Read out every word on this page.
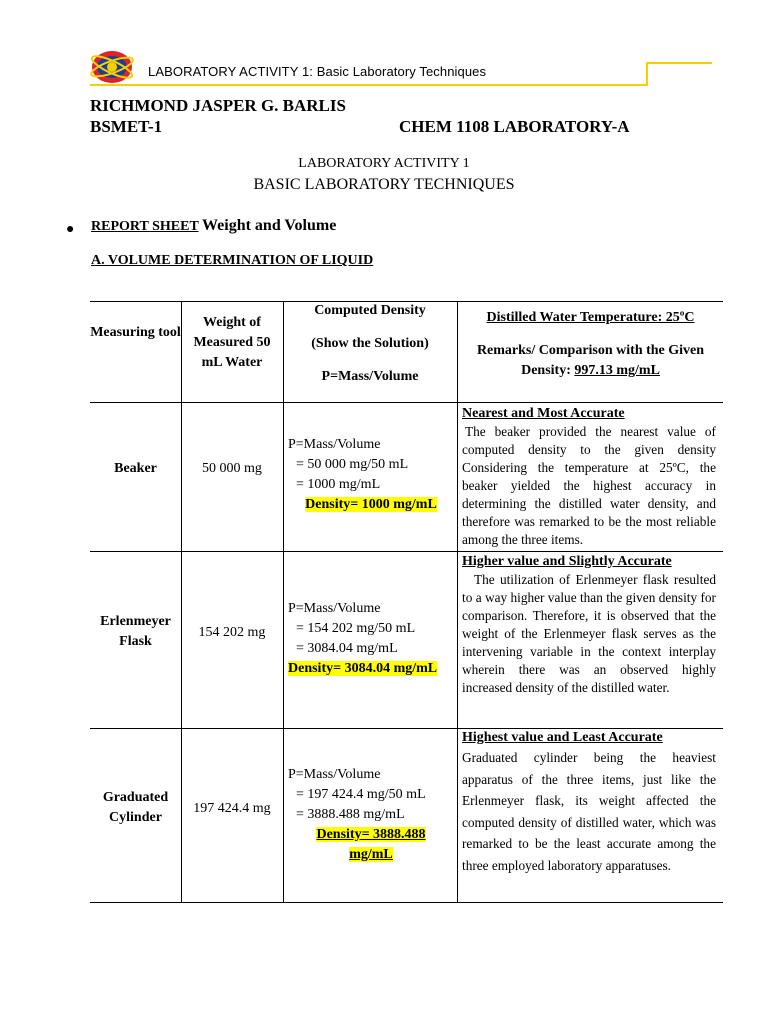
LABORATORY ACTIVITY 1: Basic Laboratory Techniques
RICHMOND JASPER G. BARLIS
BSMET-1	CHEM 1108 LABORATORY-A
LABORATORY ACTIVITY 1
BASIC LABORATORY TECHNIQUES
● REPORT SHEET Weight and Volume
A. VOLUME DETERMINATION OF LIQUID
Measuring tool
Weight of Measured 50 mL Water
Computed Density
(Show the Solution)
P=Mass/Volume
Distilled Water Temperature: 25ºC
Remarks/ Comparison with the Given
Density: 997.13 mg/mL
Beaker	50 000 mg
P=Mass/Volume
= 50 000 mg/50 mL
= 1000 mg/mL
Density= 1000 mg/mL
Nearest and Most Accurate
The beaker provided the nearest value of computed density to the given density Considering the temperature at 25ºC, the beaker yielded the highest accuracy in determining the distilled water density, and therefore was remarked to be the most reliable among the three items.
Erlenmeyer Flask
154 202 mg
P=Mass/Volume
= 154 202 mg/50 mL
= 3084.04 mg/mL
Density= 3084.04 mg/mL
Higher value and Slightly Accurate
The utilization of Erlenmeyer flask resulted to a way higher value than the given density for comparison. Therefore, it is observed that the weight of the Erlenmeyer flask serves as the intervening variable in the context interplay wherein there was an observed highly increased density of the distilled water.
Graduated Cylinder
197 424.4 mg
P=Mass/Volume
= 197 424.4 mg/50 mL
= 3888.488 mg/mL
Density= 3888.488
mg/mL
Highest value and Least Accurate
Graduated cylinder being the heaviest apparatus of the three items, just like the Erlenmeyer flask, its weight affected the computed density of distilled water, which was remarked to be the least accurate among the three employed laboratory apparatuses.
